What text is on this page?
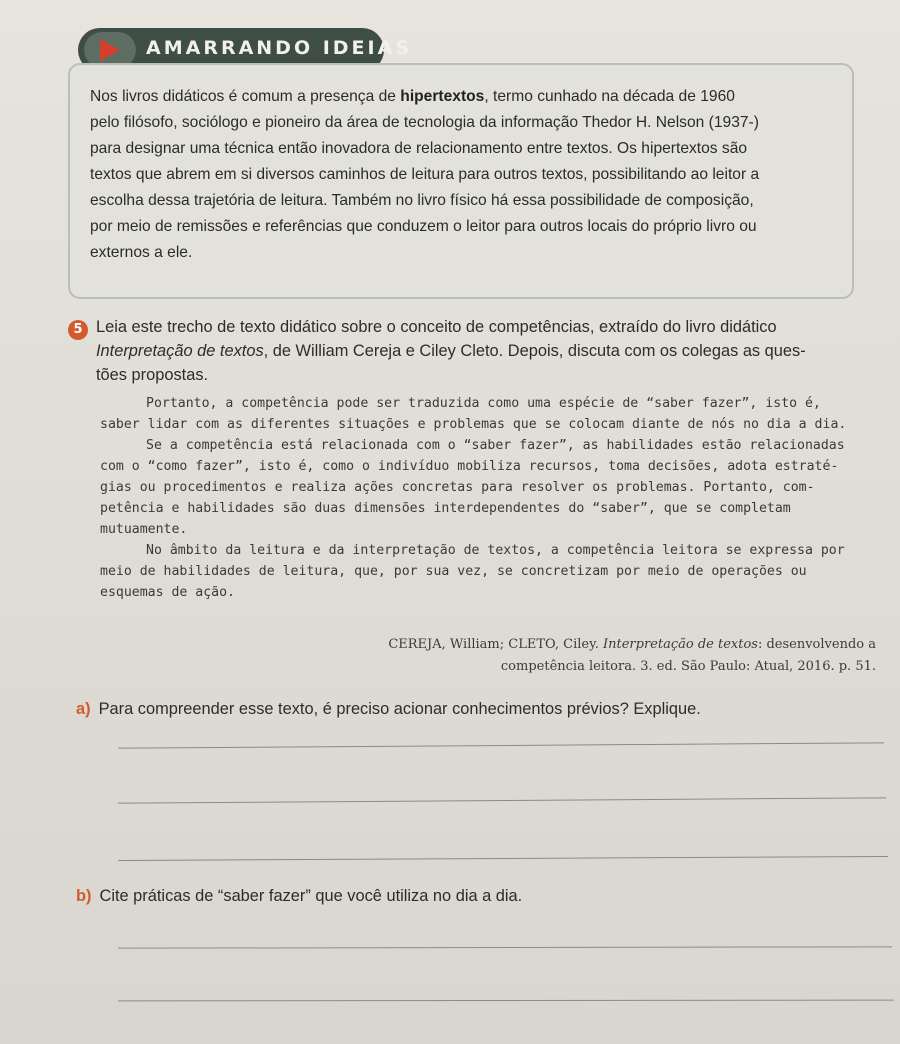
AMARRANDO IDEIAS
Nos livros didáticos é comum a presença de hipertextos, termo cunhado na década de 1960
pelo filósofo, sociólogo e pioneiro da área de tecnologia da informação Thedor H. Nelson (1937-)
para designar uma técnica então inovadora de relacionamento entre textos. Os hipertextos são
textos que abrem em si diversos caminhos de leitura para outros textos, possibilitando ao leitor a
escolha dessa trajetória de leitura. Também no livro físico há essa possibilidade de composição,
por meio de remissões e referências que conduzem o leitor para outros locais do próprio livro ou
externos a ele.
5 Leia este trecho de texto didático sobre o conceito de competências, extraído do livro didático
Interpretação de textos, de William Cereja e Ciley Cleto. Depois, discuta com os colegas as ques-
tões propostas.
Portanto, a competência pode ser traduzida como uma espécie de “saber fazer”, isto é,
saber lidar com as diferentes situações e problemas que se colocam diante de nós no dia a dia.
Se a competência está relacionada com o “saber fazer”, as habilidades estão relacionadas
com o “como fazer”, isto é, como o indivíduo mobiliza recursos, toma decisões, adota estraté-
gias ou procedimentos e realiza ações concretas para resolver os problemas. Portanto, com-
petência e habilidades são duas dimensões interdependentes do “saber”, que se completam
mutuamente.
No âmbito da leitura e da interpretação de textos, a competência leitora se expressa por
meio de habilidades de leitura, que, por sua vez, se concretizam por meio de operações ou
esquemas de ação.
CEREJA, William; CLETO, Ciley. Interpretação de textos: desenvolvendo a
competência leitora. 3. ed. São Paulo: Atual, 2016. p. 51.
a) Para compreender esse texto, é preciso acionar conhecimentos prévios? Explique.
b) Cite práticas de “saber fazer” que você utiliza no dia a dia.
